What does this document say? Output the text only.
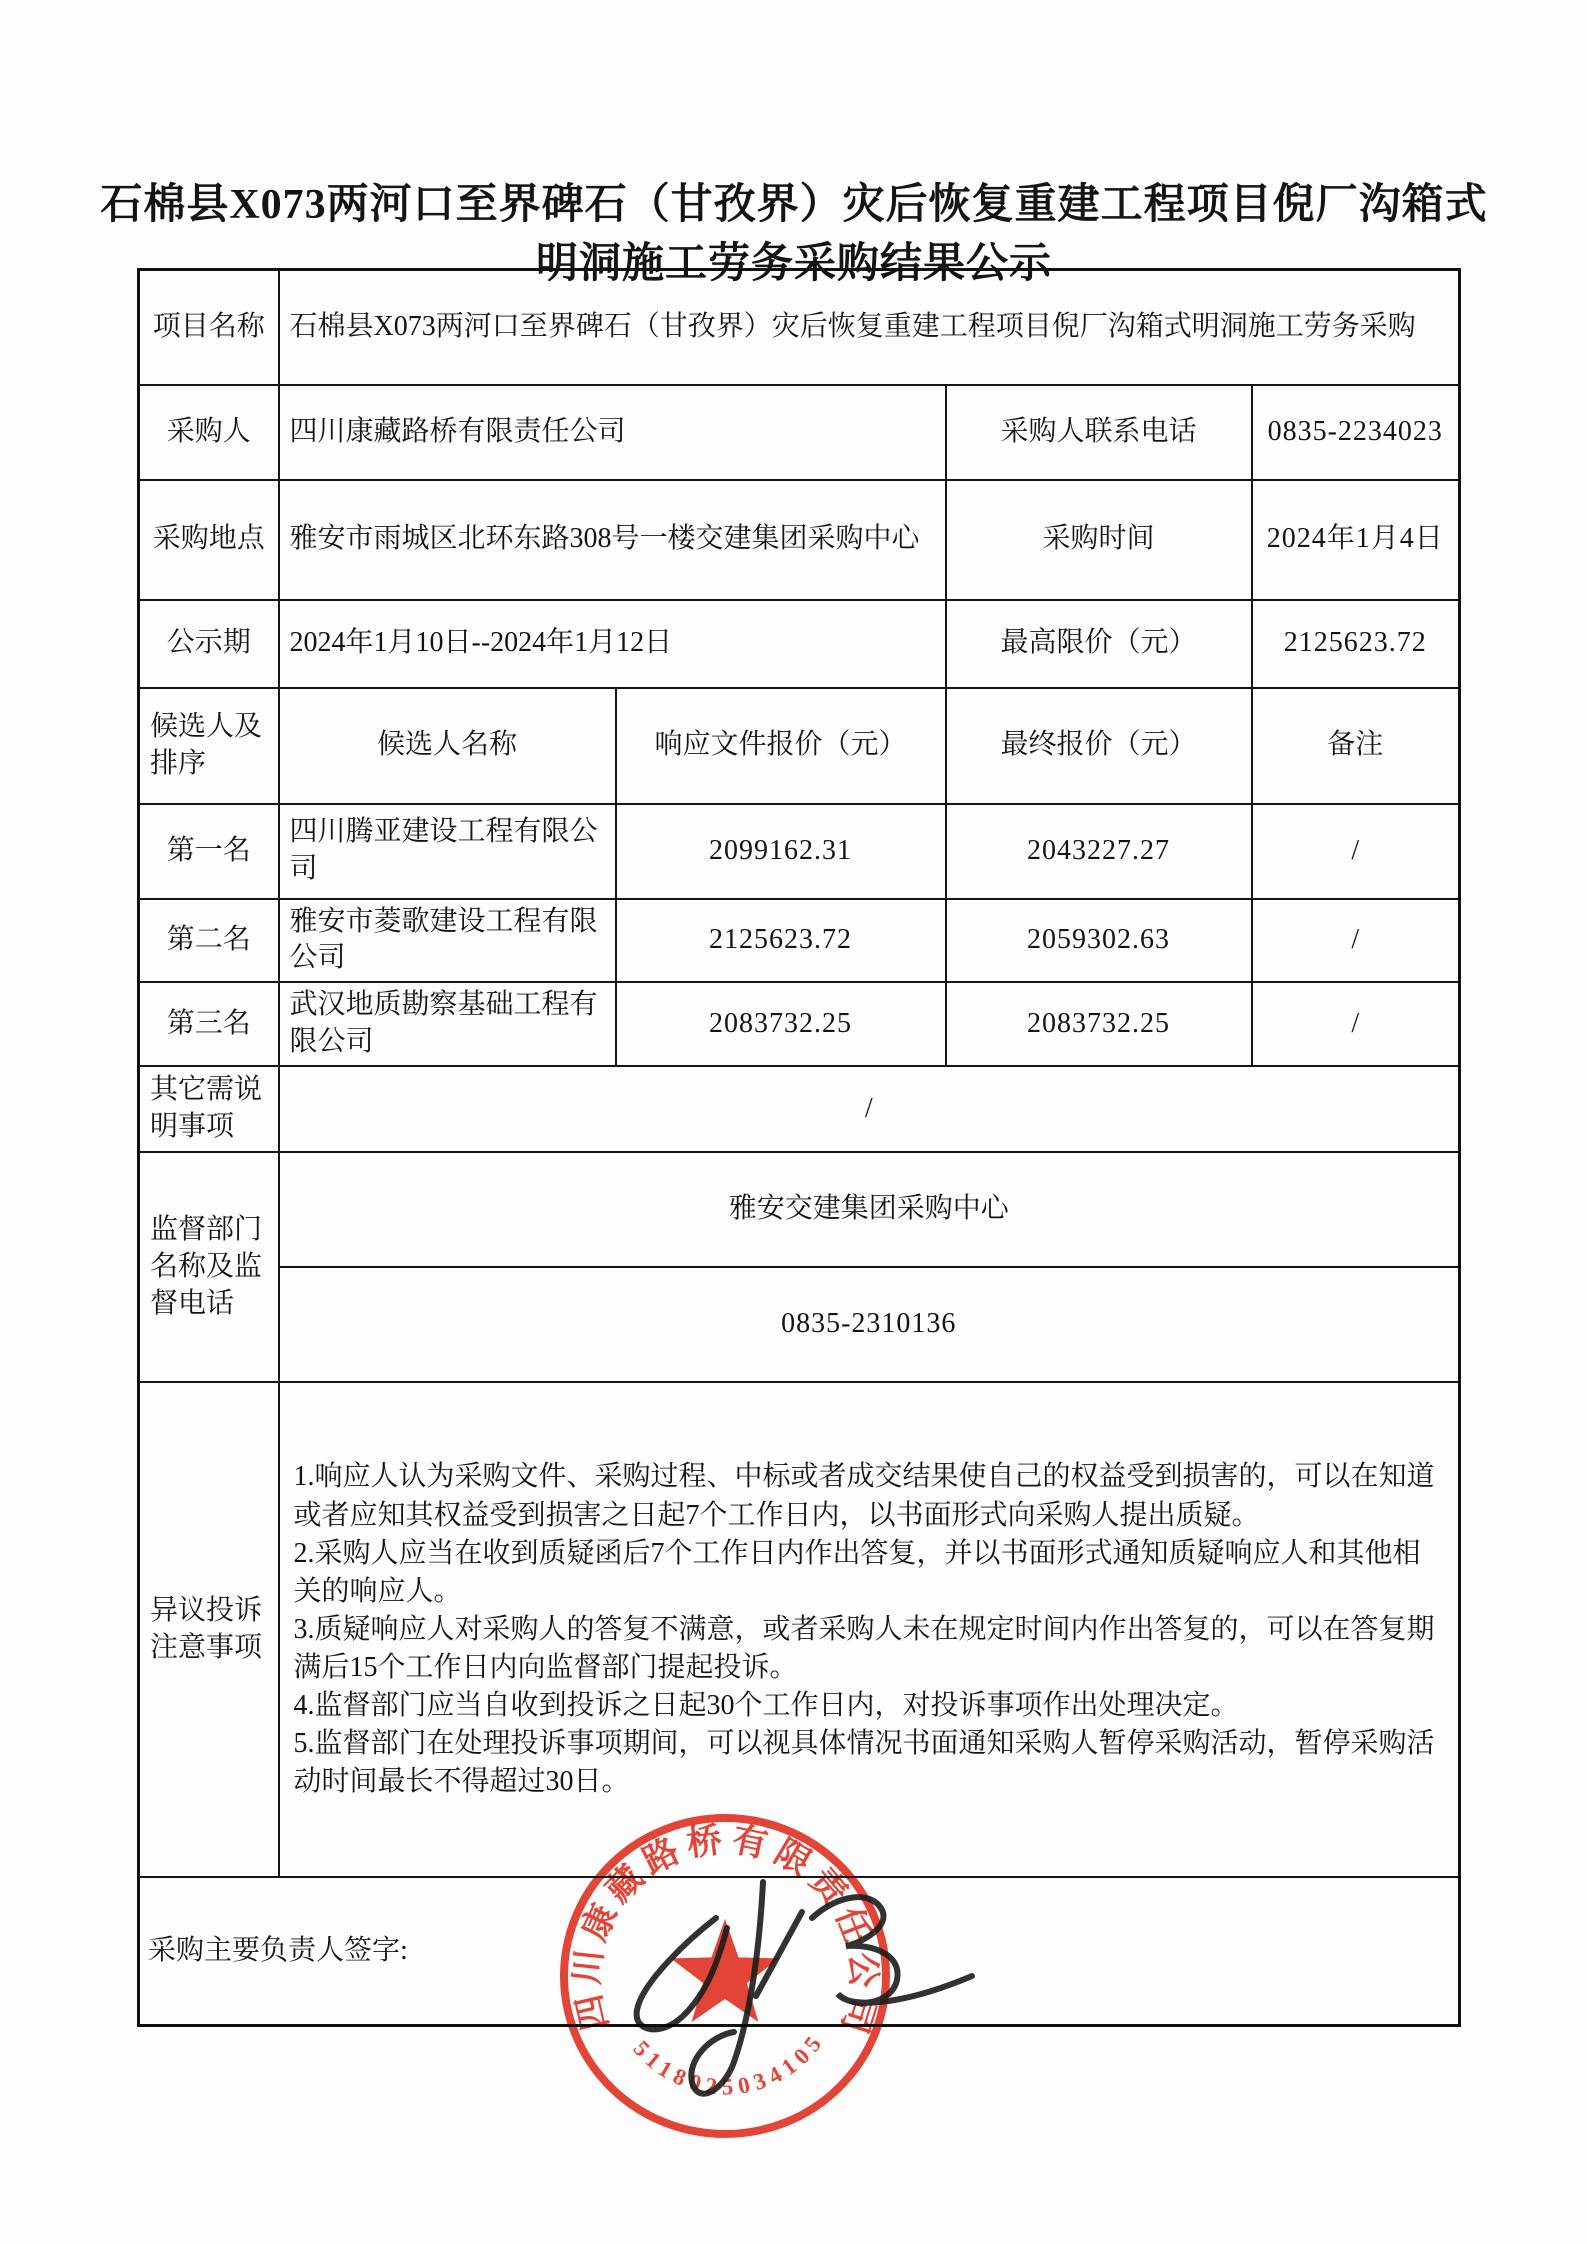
石棉县X073两河口至界碑石（甘孜界）灾后恢复重建工程项目倪厂沟箱式明洞施工劳务采购结果公示
项目名称	石棉县X073两河口至界碑石（甘孜界）灾后恢复重建工程项目倪厂沟箱式明洞施工劳务采购			
采购人	四川康藏路桥有限责任公司		采购人联系电话	0835-2234023
采购地点	雅安市雨城区北环东路308号一楼交建集团采购中心		采购时间	2024年1月4日
公示期	2024年1月10日--2024年1月12日		最高限价（元）	2125623.72
候选人及排序	候选人名称	响应文件报价（元）	最终报价（元）	备注
第一名	四川腾亚建设工程有限公司	2099162.31	2043227.27	/
第二名	雅安市菱歌建设工程有限公司	2125623.72	2059302.63	/
第三名	武汉地质勘察基础工程有限公司	2083732.25	2083732.25	/
其它需说明事项	/			
监督部门名称及监督电话	雅安交建集团采购中心			
	0835-2310136			
异议投诉注意事项	1.响应人认为采购文件、采购过程、中标或者成交结果使自己的权益受到损害的，可以在知道或者应知其权益受到损害之日起7个工作日内，以书面形式向采购人提出质疑。

2.采购人应当在收到质疑函后7个工作日内作出答复，并以书面形式通知质疑响应人和其他相关的响应人。

3.质疑响应人对采购人的答复不满意，或者采购人未在规定时间内作出答复的，可以在答复期满后15个工作日内向监督部门提起投诉。

4.监督部门应当自收到投诉之日起30个工作日内，对投诉事项作出处理决定。

5.监督部门在处理投诉事项期间，可以视具体情况书面通知采购人暂停采购活动，暂停采购活动时间最长不得超过30日。			

采购主要负责人签字:				
四川康藏路桥有限责任公司
5118025034105
